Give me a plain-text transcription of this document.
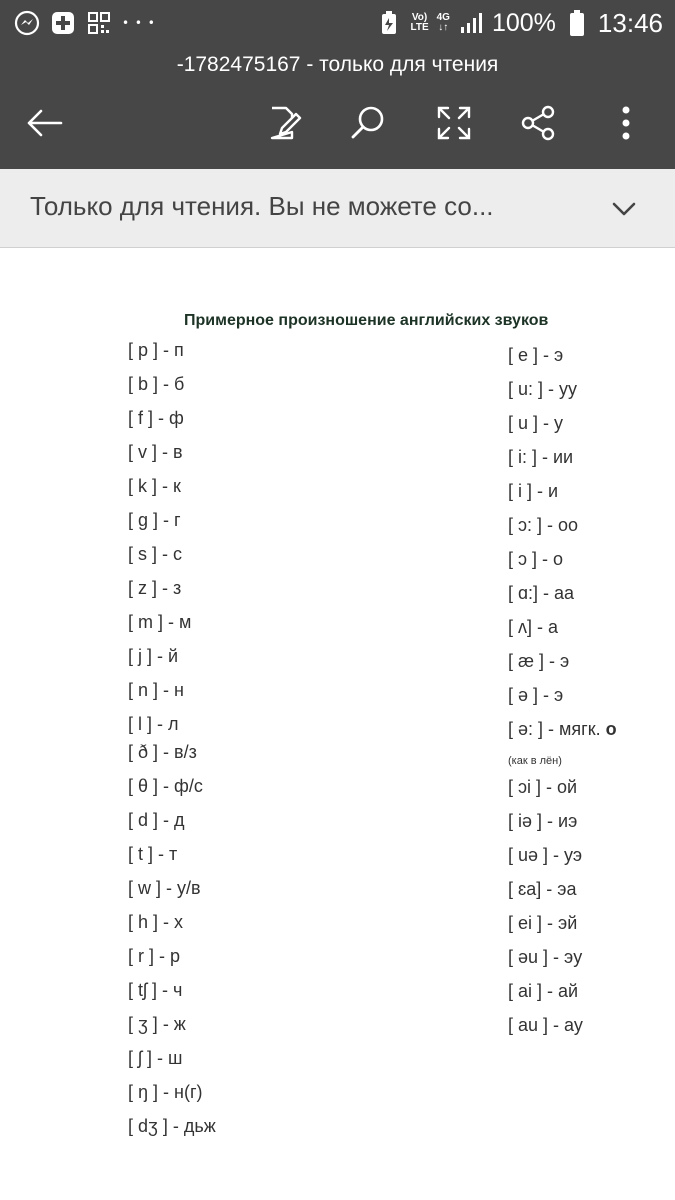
• • •	Vo)
LTE
4G
↓↑ 100% 13:46
-1782475167 - только для чтения
Только для чтения. Вы не можете со...
Примерное произношение английских звуков
[ p ] - п
[ b ] - б
[ f ] - ф
[ v ] - в
[ k ] - к
[ g ] - г
[ s ] - с
[ z ] - з
[ m ] - м
[ j ] - й
[ n ] - н
[ l ] - л
[ ð ] - в/з
[ θ ] - ф/с
[ d ] - д
[ t ] - т
[ w ] - у/в
[ h ] - х
[ r ] - р
[ tʃ ] - ч
[ ʒ ] - ж
[ ʃ ] - ш
[ ŋ ] - н(г)
[ dʒ ] - дьж
[ e ] - э
[ u: ] - уу
[ u ] - у
[ i: ] - ии
[ i ] - и
[ ɔ: ] - оо
[ ɔ ] - о
[ ɑ:] - аа
[ ʌ] - а
[ æ ] - э
[ ə ] - э
[ ə: ] - мягк. о
(как в лён)
[ ɔi ] - ой
[ iə ] - иэ
[ uə ] - уэ
[ ɛa] - эа
[ ei ] - эй
[ əu ] - эу
[ ai ] - ай
[ au ] - ау
